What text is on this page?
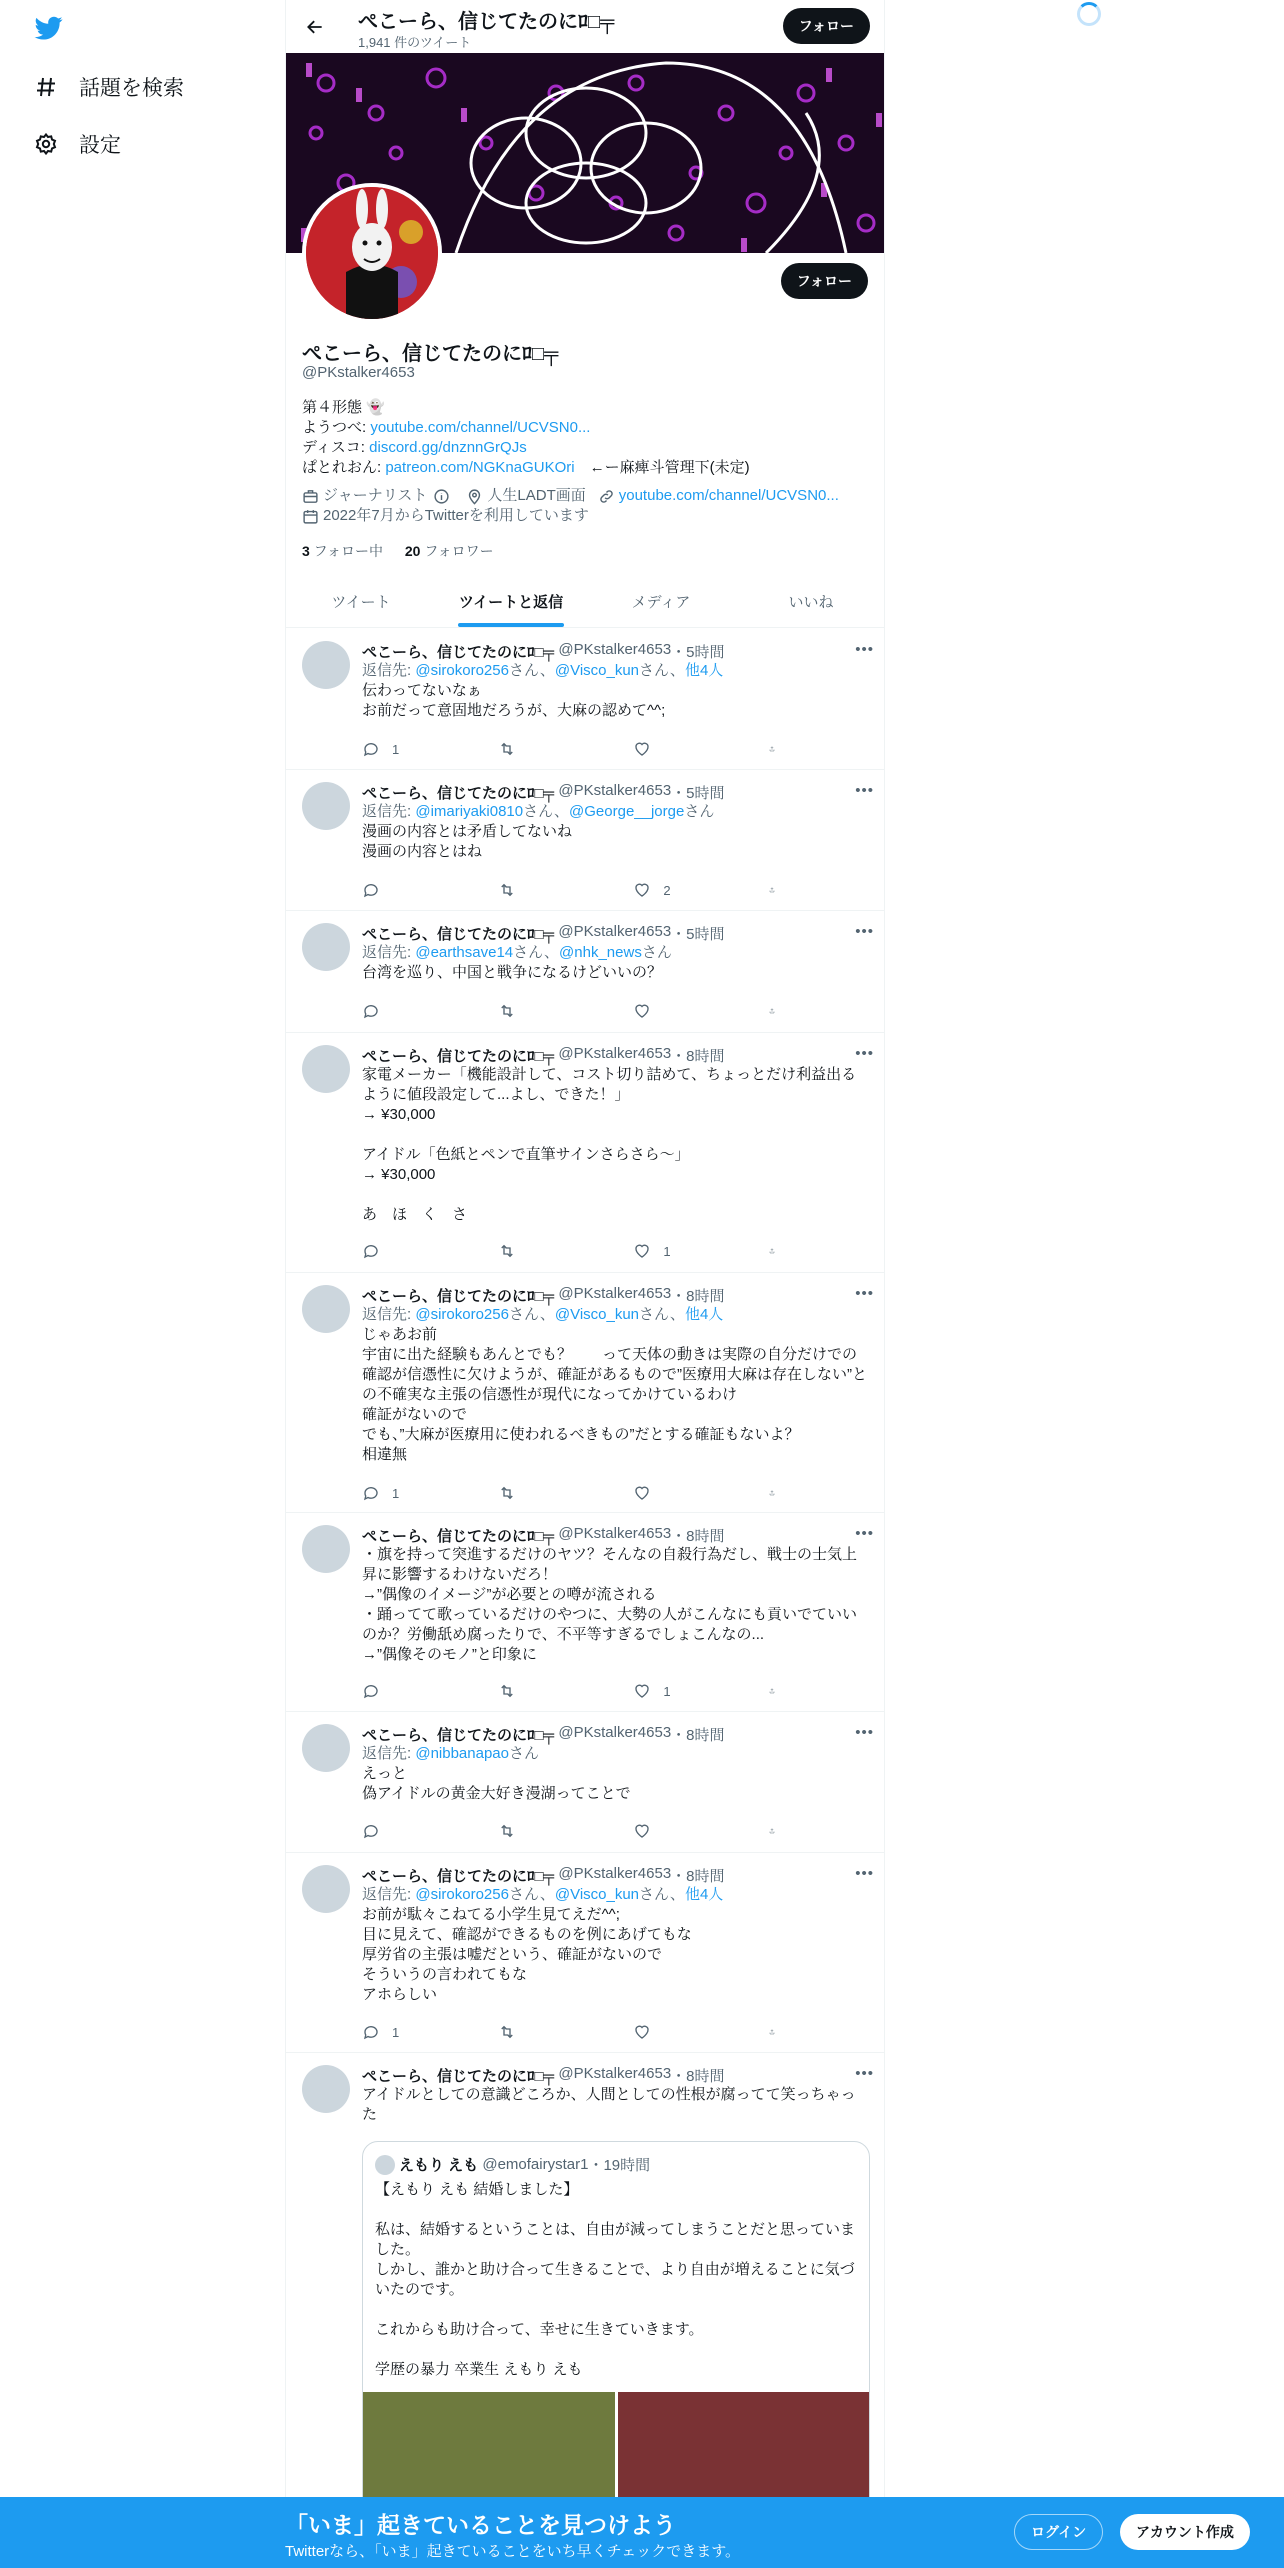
話題を検索
設定
ぺこーら、信じてたのにﾛ□╤
1,941 件のツイート
フォロー
フォロー
ぺこーら、信じてたのにﾛ□╤
@PKstalker4653
第４形態 👻
ようつべ: youtube.com/channel/UCVSN0...
ディスコ: discord.gg/dnznnGrQJs
ぱとれおん: patreon.com/NGKnaGUKOri　←ー麻痺斗管理下(未定)
ジャーナリスト	人生LADT画面 youtube.com/channel/UCVSN0...
2022年7月からTwitterを利用しています
3 フォロー中 20 フォロワー
ツイート	ツイートと返信	メディア	いいね
•••
ぺこーら、信じてたのにﾛ□╤
@PKstalker4653 ・5時間
返信先: @sirokoro256さん、@Visco_kunさん、他4人
伝わってないなぁ
お前だって意固地だろうが、大麻の認めて^^;
1
•••
ぺこーら、信じてたのにﾛ□╤
@PKstalker4653 ・5時間
返信先: @imariyaki0810さん、@George__jorgeさん
漫画の内容とは矛盾してないね
漫画の内容とはね
2
•••
ぺこーら、信じてたのにﾛ□╤
@PKstalker4653 ・5時間
返信先: @earthsave14さん、@nhk_newsさん
台湾を巡り、中国と戦争になるけどいいの？
•••
ぺこーら、信じてたのにﾛ□╤
@PKstalker4653 ・8時間
家電メーカー「機能設計して、コスト切り詰めて、ちょっとだけ利益出るように値段設定して...よし、できた！」
→ ¥30,000

アイドル「色紙とペンで直筆サインさらさら〜」
→ ¥30,000

あ　ほ　く　さ
1
•••
ぺこーら、信じてたのにﾛ□╤
@PKstalker4653 ・8時間
返信先: @sirokoro256さん、@Visco_kunさん、他4人
じゃあお前
宇宙に出た経験もあんとでも？　　って天体の動きは実際の自分だけでの確認が信憑性に欠けようが、確証があるもので”医療用大麻は存在しない”との不確実な主張の信憑性が現代になってかけているわけ
確証がないので
でも、”大麻が医療用に使われるべきもの”だとする確証もないよ？
相違無
1
•••
ぺこーら、信じてたのにﾛ□╤
@PKstalker4653 ・8時間
・旗を持って突進するだけのヤツ？そんなの自殺行為だし、戦士の士気上昇に影響するわけないだろ！
→”偶像のイメージ”が必要との噂が流される
・踊ってて歌っているだけのやつに、大勢の人がこんなにも貢いでていいのか？労働舐め腐ったりで、不平等すぎるでしょこんなの...
→”偶像そのモノ”と印象に
1
•••
ぺこーら、信じてたのにﾛ□╤
@PKstalker4653 ・8時間
返信先: @nibbanapaoさん
えっと
偽アイドルの黄金大好き漫湖ってことで
•••
ぺこーら、信じてたのにﾛ□╤
@PKstalker4653 ・8時間
返信先: @sirokoro256さん、@Visco_kunさん、他4人
お前が駄々こねてる小学生見てえだ^^;
目に見えて、確認ができるものを例にあげてもな
厚労省の主張は嘘だという、確証がないので
そういうの言われてもな
アホらしい
1
•••
ぺこーら、信じてたのにﾛ□╤
@PKstalker4653 ・8時間
アイドルとしての意識どころか、人間としての性根が腐ってて笑っちゃった
えもり えも
@emofairystar1 ・19時間
【えもり えも 結婚しました】

私は、結婚するということは、自由が減ってしまうことだと思っていました。
しかし、誰かと助け合って生きることで、より自由が増えることに気づいたのです。

これからも助け合って、幸せに生きていきます。

学歴の暴力 卒業生 えもり えも
「いま」起きていることを見つけよう
Twitterなら、「いま」起きていることをいち早くチェックできます。
ログイン	アカウント作成
